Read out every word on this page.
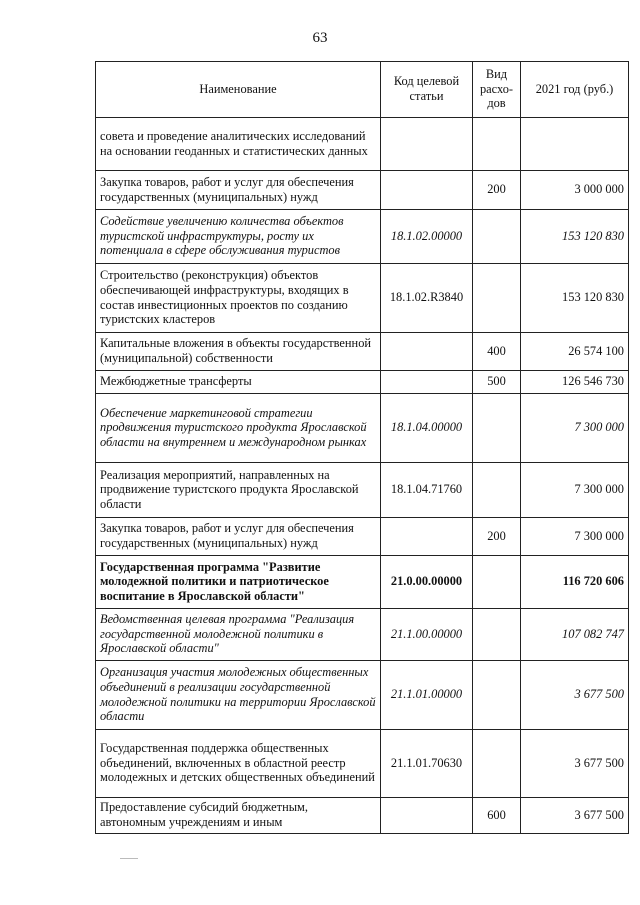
63
Наименование	Код целевой статьи	Вид расхо-дов	2021 год (руб.)
совета и проведение аналитических исследований на основании геоданных и статистических данных			
Закупка товаров, работ и услуг для обеспечения государственных (муниципальных) нужд		200	3 000 000
Содействие увеличению количества объектов туристской инфраструктуры, росту их потенциала в сфере обслуживания туристов	18.1.02.00000		153 120 830
Строительство (реконструкция) объектов обеспечивающей инфраструктуры, входящих в состав инвестиционных проектов по созданию туристских кластеров	18.1.02.R3840		153 120 830
Капитальные вложения в объекты государственной (муниципальной) собственности		400	26 574 100
Межбюджетные трансферты		500	126 546 730
Обеспечение маркетинговой стратегии продвижения туристского продукта Ярославской области на внутреннем и международном рынках	18.1.04.00000		7 300 000
Реализация мероприятий, направленных на продвижение туристского продукта Ярославской области	18.1.04.71760		7 300 000
Закупка товаров, работ и услуг для обеспечения государственных (муниципальных) нужд		200	7 300 000
Государственная программа "Развитие молодежной политики и патриотическое воспитание в Ярославской области"	21.0.00.00000		116 720 606
Ведомственная целевая программа "Реализация государственной молодежной политики в Ярославской области"	21.1.00.00000		107 082 747
Организация участия молодежных общественных объединений в реализации государственной молодежной политики на территории Ярославской области	21.1.01.00000		3 677 500
Государственная поддержка общественных объединений, включенных в областной реестр молодежных и детских общественных объединений	21.1.01.70630		3 677 500
Предоставление субсидий бюджетным, автономным учреждениям и иным		600	3 677 500
